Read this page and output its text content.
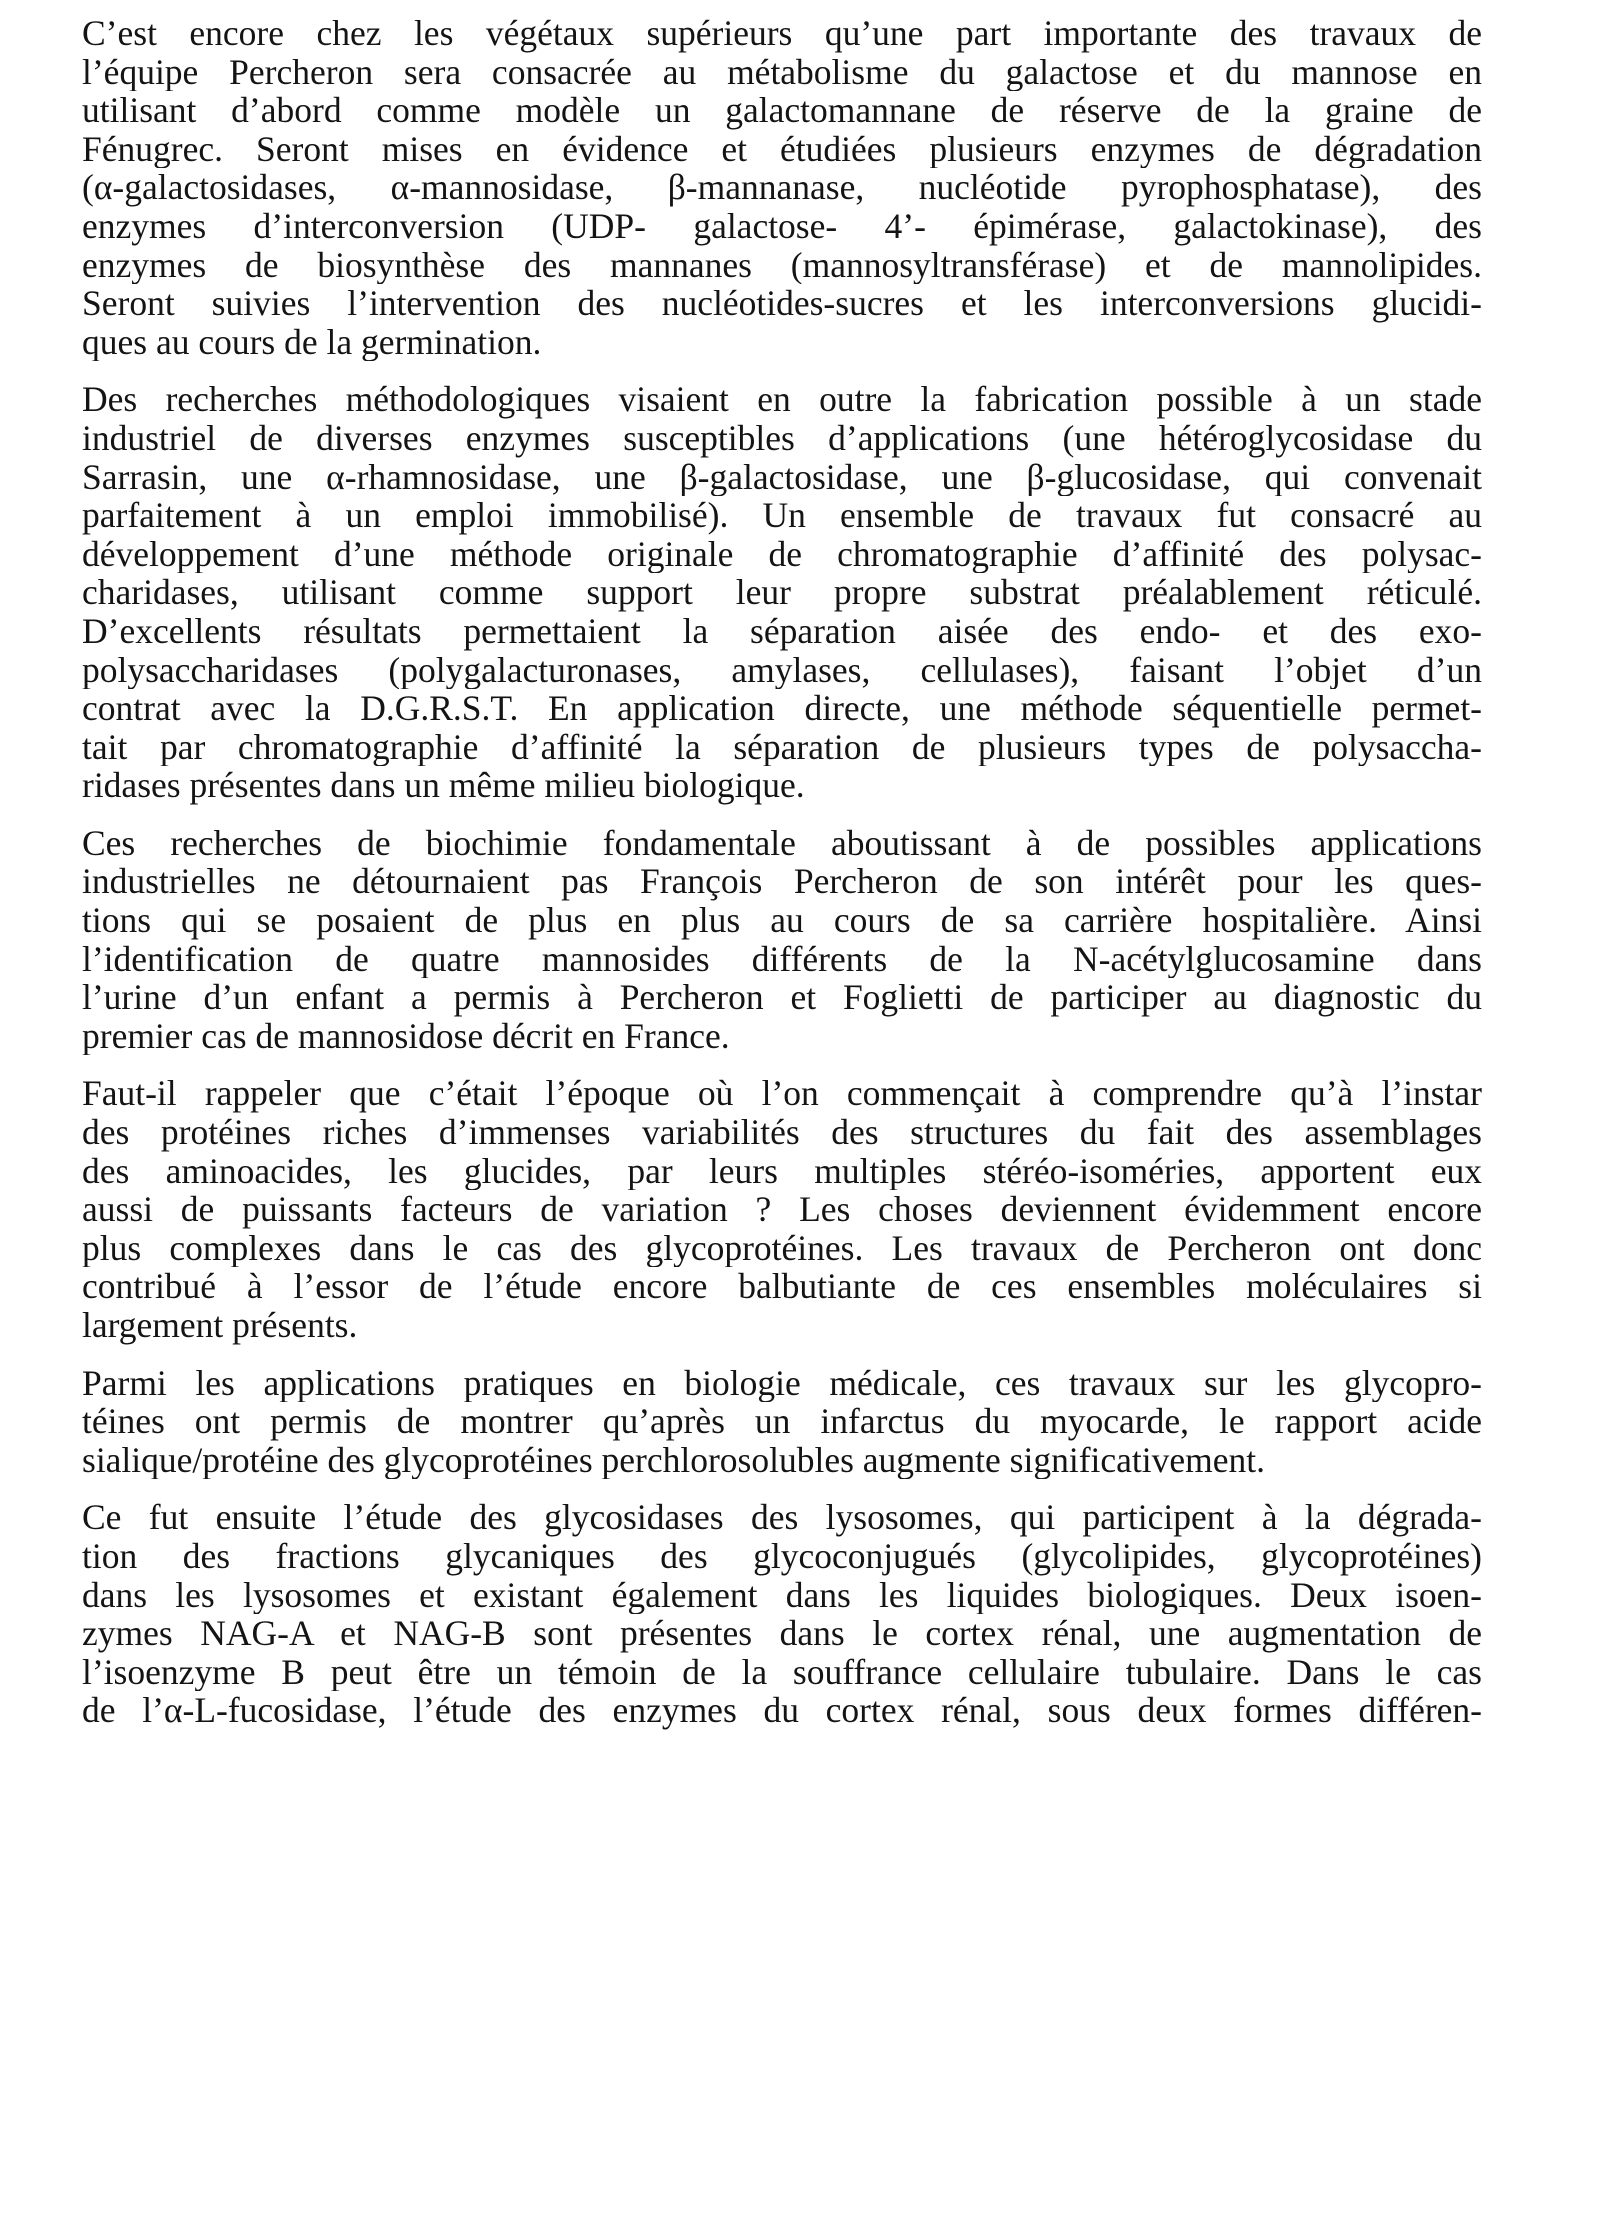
C’est encore chez les végétaux supérieurs qu’une part importante des travaux de
l’équipe Percheron sera consacrée au métabolisme du galactose et du mannose en
utilisant d’abord comme modèle un galactomannane de réserve de la graine de
Fénugrec. Seront mises en évidence et étudiées plusieurs enzymes de dégradation
(α-galactosidases, α-mannosidase, β-mannanase, nucléotide pyrophosphatase), des
enzymes d’interconversion (UDP- galactose- 4’- épimérase, galactokinase), des
enzymes de biosynthèse des mannanes (mannosyltransférase) et de mannolipides.
Seront suivies l’intervention des nucléotides-sucres et les interconversions glucidi-
ques au cours de la germination.
Des recherches méthodologiques visaient en outre la fabrication possible à un stade
industriel de diverses enzymes susceptibles d’applications (une hétéroglycosidase du
Sarrasin, une α-rhamnosidase, une β-galactosidase, une β-glucosidase, qui convenait
parfaitement à un emploi immobilisé). Un ensemble de travaux fut consacré au
développement d’une méthode originale de chromatographie d’affinité des polysac-
charidases, utilisant comme support leur propre substrat préalablement réticulé.
D’excellents résultats permettaient la séparation aisée des endo- et des exo-
polysaccharidases (polygalacturonases, amylases, cellulases), faisant l’objet d’un
contrat avec la D.G.R.S.T. En application directe, une méthode séquentielle permet-
tait par chromatographie d’affinité la séparation de plusieurs types de polysaccha-
ridases présentes dans un même milieu biologique.
Ces recherches de biochimie fondamentale aboutissant à de possibles applications
industrielles ne détournaient pas François Percheron de son intérêt pour les ques-
tions qui se posaient de plus en plus au cours de sa carrière hospitalière. Ainsi
l’identification de quatre mannosides différents de la N-acétylglucosamine dans
l’urine d’un enfant a permis à Percheron et Foglietti de participer au diagnostic du
premier cas de mannosidose décrit en France.
Faut-il rappeler que c’était l’époque où l’on commençait à comprendre qu’à l’instar
des protéines riches d’immenses variabilités des structures du fait des assemblages
des aminoacides, les glucides, par leurs multiples stéréo-isoméries, apportent eux
aussi de puissants facteurs de variation ? Les choses deviennent évidemment encore
plus complexes dans le cas des glycoprotéines. Les travaux de Percheron ont donc
contribué à l’essor de l’étude encore balbutiante de ces ensembles moléculaires si
largement présents.
Parmi les applications pratiques en biologie médicale, ces travaux sur les glycopro-
téines ont permis de montrer qu’après un infarctus du myocarde, le rapport acide
sialique/protéine des glycoprotéines perchlorosolubles augmente significativement.
Ce fut ensuite l’étude des glycosidases des lysosomes, qui participent à la dégrada-
tion des fractions glycaniques des glycoconjugués (glycolipides, glycoprotéines)
dans les lysosomes et existant également dans les liquides biologiques. Deux isoen-
zymes NAG-A et NAG-B sont présentes dans le cortex rénal, une augmentation de
l’isoenzyme B peut être un témoin de la souffrance cellulaire tubulaire. Dans le cas
de l’α-L-fucosidase, l’étude des enzymes du cortex rénal, sous deux formes différen-
